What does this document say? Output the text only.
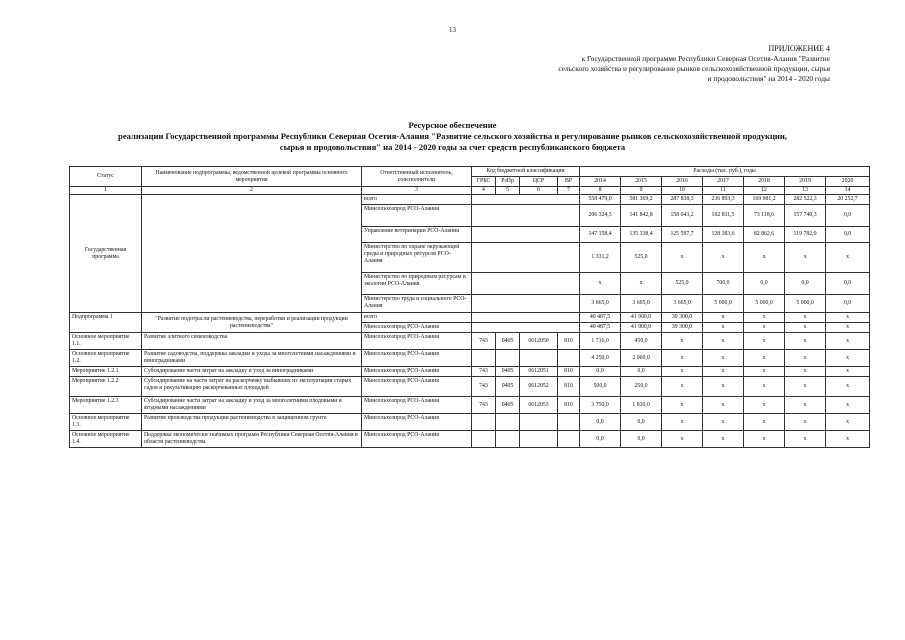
13
ПРИЛОЖЕНИЕ 4
к Государственной программе Республики Северная Осетия-Алания "Развитие
сельского хозяйства и регулирование рынков сельскохозяйственной продукции, сырья
и продовольствия" на 2014 - 2020 годы
Ресурсное обеспечение
реализации Государственной программы Республики Северная Осетия-Алания "Развитие сельского хозяйства и регулирование рынков сельскохозяйственной продукции,
сырья и продовольствия" на 2014 - 2020 годы за счет средств республиканского бюджета
Статус	Наименование подпрограммы, ведомственной целевой программы основного мероприятия	Ответственный исполнитель, соисполнители	Код бюджетной классификации				Расходы (тыс. руб.), годы						
			ГРБС	РзПр	ЦСР	ВР	2014	2015	2016	2017	2018	2019	2020
1	2	3	4	5	6	7	8	9	10	11	12	13	14
Государственная программа		всего					558 479,0	581 369,2	287 838,3	236 893,3	169 981,2	282 522,3	20 252,7
		Минсельхозпрод РСО-Алания					206 324,5	141 842,8	158 043,2	102 811,5	73 118,6	157 740,3	0,0
		Управление ветеринарии РСО-Алания					147 158,4	135 338,4	125 597,7	128 383,6	82 862,6	119 782,0	0,0
		Министерство по охране окружающей среды и природных ресурсов РСО-Алания					1 331,2	525,0	x	x	x	x	x
		Министерство по природным ресурсам и экологии РСО-Алания					x	x	525,0	700,0	0,0	0,0	0,0
		Министерство труда и социального РСО-Алания					3 665,0	3 665,0	3 665,0	5 000,0	5 000,0	5 000,0	0,0
Подпрограмма 1	"Развитие подотрасли растениеводства, переработки и реализации продукции растениеводства"	всего					40 487,5	41 900,0	39 300,0	x	x	x	x
		Минсельхозпрод РСО-Алания					40 487,5	41 900,0	39 300,0	x	x	x	x
Основное мероприятие 1.1.	Развитие элитного семеноводства	Минсельхозпрод РСО-Алания	743	0405	0612050	810	1 716,0	450,0	x	x	x	x	x
Основное мероприятие 1.2.	Развитие садоводства, поддержка закладки и ухода за многолетними насаждениями и виноградниками	Минсельхозпрод РСО-Алания					4 250,0	2 060,0	x	x	x	x	x
Мероприятие 1.2.1	Субсидирование части затрат на закладку и уход за виноградниками	Минсельхозпрод РСО-Алания	743	0405	0612051	810	0,0	0,0	x	x	x	x	x
Мероприятие 1.2.2	Субсидирование на части затрат на раскорчевку выбывших из эксплуатации старых садов и рекультивацию раскорчеванных площадей	Минсельхозпрод РСО-Алания	743	0405	0612052	810	500,0	250,0	x	x	x	x	x
Мероприятие 1.2.3	Субсидирование части затрат на закладку и уход за многолетними плодовыми и ягодными насаждениями	Минсельхозпрод РСО-Алания	743	0405	0612053	810	3 750,0	1 810,0	x	x	x	x	x
Основное мероприятие 1.3.	Развитие производства продукции растениеводства в защищенном грунте	Минсельхозпрод РСО-Алания					0,0	0,0	x	x	x	x	x
Основное мероприятие 1.4.	Поддержка экономически значимых программ Республики Северная Осетия-Алания в области растениеводства	Минсельхозпрод РСО-Алания					0,0	0,0	x	x	x	x	x
